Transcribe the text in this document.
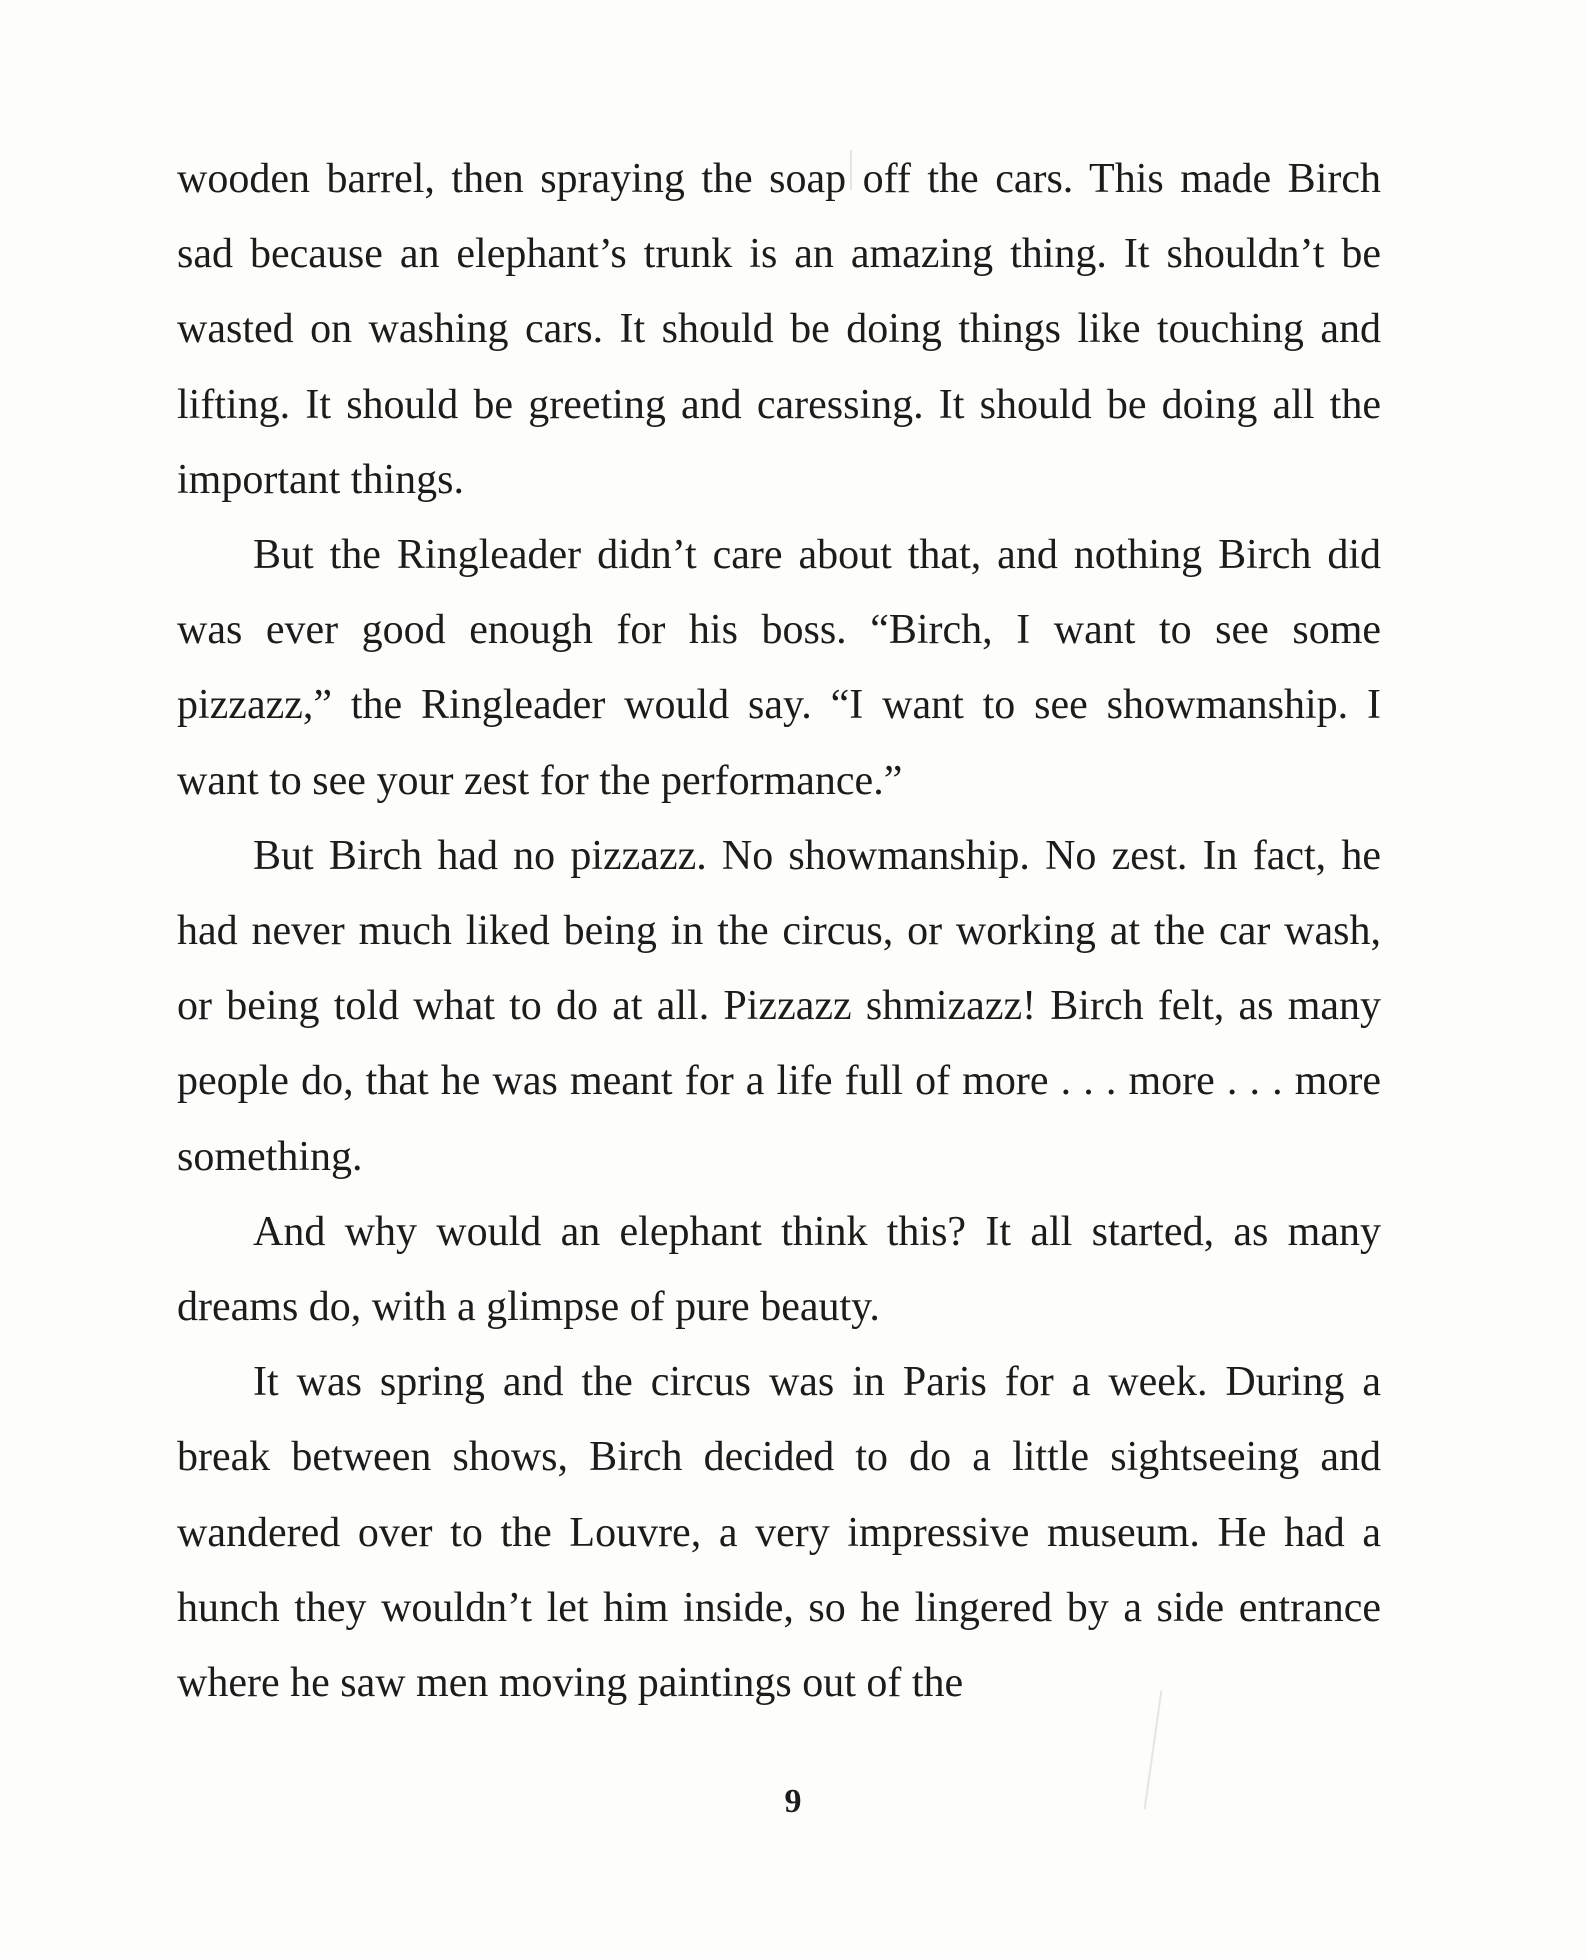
wooden barrel, then spraying the soap off the cars. This made Birch sad because an elephant’s trunk is an amazing thing. It shouldn’t be wasted on washing cars. It should be doing things like touching and lifting. It should be greeting and caressing. It should be doing all the important things.

But the Ringleader didn’t care about that, and nothing Birch did was ever good enough for his boss. “Birch, I want to see some pizzazz,” the Ringleader would say. “I want to see showmanship. I want to see your zest for the performance.”

But Birch had no pizzazz. No showmanship. No zest. In fact, he had never much liked being in the circus, or working at the car wash, or being told what to do at all. Pizzazz shmizazz! Birch felt, as many people do, that he was meant for a life full of more . . . more . . . more something.

And why would an elephant think this? It all started, as many dreams do, with a glimpse of pure beauty.

It was spring and the circus was in Paris for a week. During a break between shows, Birch decided to do a little sightseeing and wandered over to the Louvre, a very impressive museum. He had a hunch they wouldn’t let him inside, so he lingered by a side entrance where he saw men moving paintings out of the

9
